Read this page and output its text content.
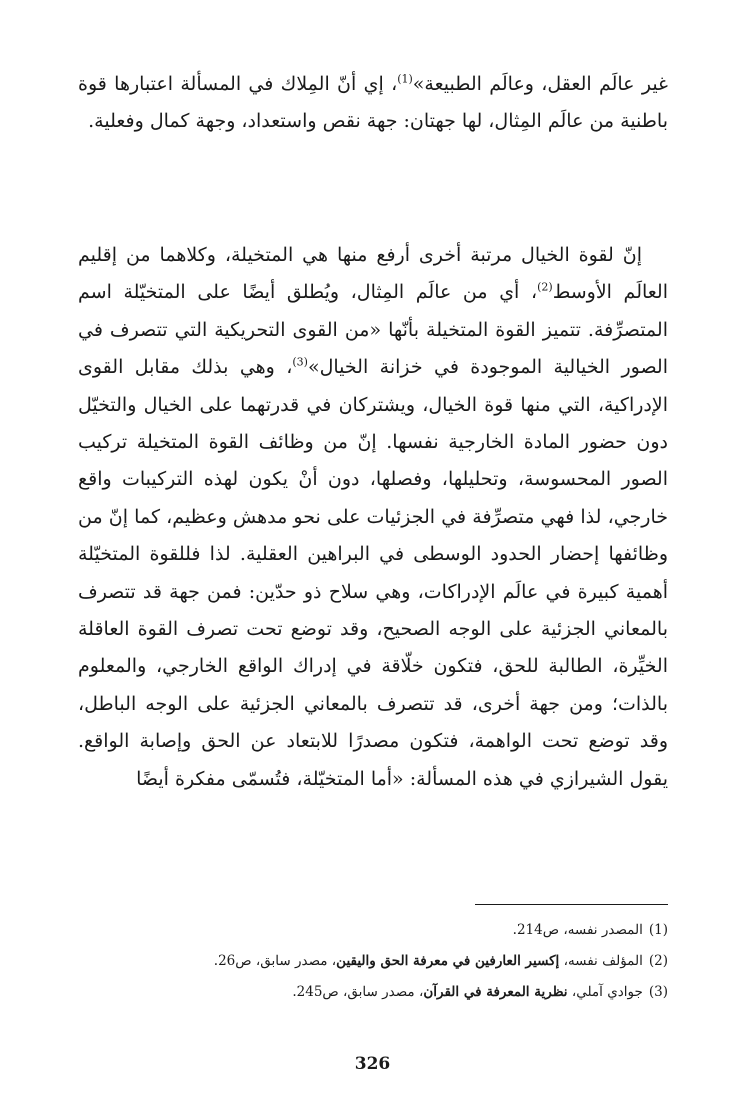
غير عالَم العقل، وعالَم الطبيعة»$^{(1)}$، إي أنّ المِلاك في المسألة اعتبارها قوة باطنية من عالَم المِثال، لها جهتان: جهة نقص واستعداد، وجهة كمال وفعلية.

إنّ لقوة الخيال مرتبة أخرى أرفع منها هي المتخيلة، وكلاهما من إقليم العالَم الأوسط$^{(2)}$، أي من عالَم المِثال، ويُطلق أيضًا على المتخيّلة اسم المتصرِّفة. تتميز القوة المتخيلة بأنّها «من القوى التحريكية التي تتصرف في الصور الخيالية الموجودة في خزانة الخيال»$^{(3)}$، وهي بذلك مقابل القوى الإدراكية، التي منها قوة الخيال، ويشتركان في قدرتهما على الخيال والتخيّل دون حضور المادة الخارجية نفسها. إنّ من وظائف القوة المتخيلة تركيب الصور المحسوسة، وتحليلها، وفصلها، دون أنْ يكون لهذه التركيبات واقع خارجي، لذا فهي متصرِّفة في الجزئيات على نحو مدهش وعظيم، كما إنّ من وظائفها إحضار الحدود الوسطى في البراهين العقلية. لذا فللقوة المتخيّلة أهمية كبيرة في عالَم الإدراكات، وهي سلاح ذو حدّين: فمن جهة قد تتصرف بالمعاني الجزئية على الوجه الصحيح، وقد توضع تحت تصرف القوة العاقلة الخيِّرة، الطالبة للحق، فتكون خلّاقة في إدراك الواقع الخارجي، والمعلوم بالذات؛ ومن جهة أخرى، قد تتصرف بالمعاني الجزئية على الوجه الباطل، وقد توضع تحت الواهمة، فتكون مصدرًا للابتعاد عن الحق وإصابة الواقع. يقول الشيرازي في هذه المسألة: «أما المتخيّلة، فتُسمّى مفكرة أيضًا

(1)المصدر نفسه، ص214.
(2)المؤلف نفسه، إكسير العارفين في معرفة الحق واليقين، مصدر سابق، ص26.
(3)جوادي آملي، نظرية المعرفة في القرآن، مصدر سابق، ص245.
326
